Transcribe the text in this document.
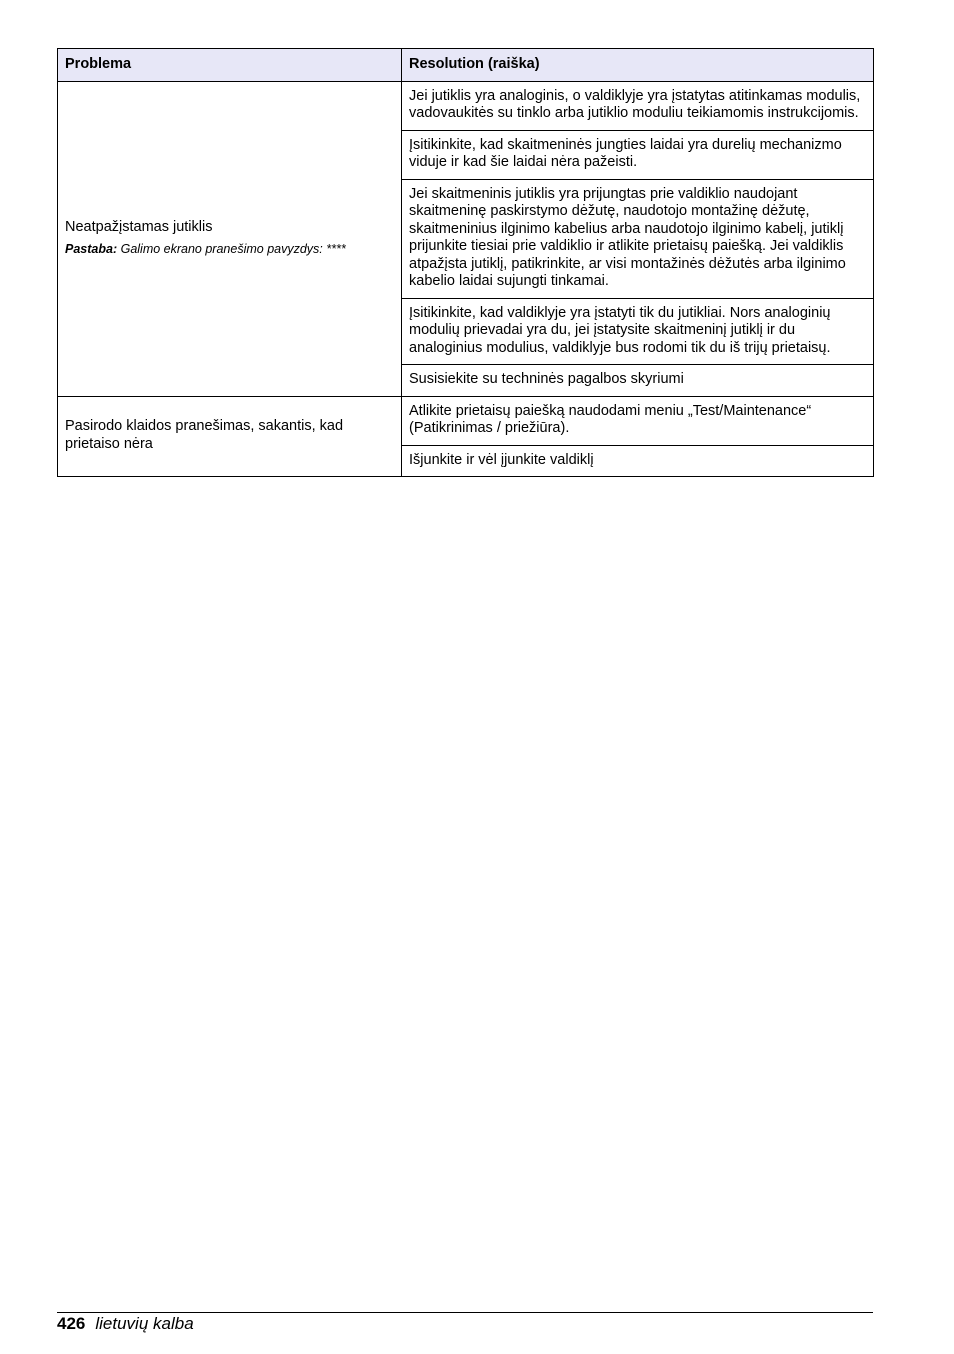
Problema	Resolution (raiška)
Neatpažįstamas jutiklis
Pastaba: Galimo ekrano pranešimo pavyzdys: ****	Jei jutiklis yra analoginis, o valdiklyje yra įstatytas atitinkamas modulis, vadovaukitės su tinklo arba jutiklio moduliu teikiamomis instrukcijomis.
	Įsitikinkite, kad skaitmeninės jungties laidai yra durelių mechanizmo viduje ir kad šie laidai nėra pažeisti.
	Jei skaitmeninis jutiklis yra prijungtas prie valdiklio naudojant skaitmeninę paskirstymo dėžutę, naudotojo montažinę dėžutę, skaitmeninius ilginimo kabelius arba naudotojo ilginimo kabelį, jutiklį prijunkite tiesiai prie valdiklio ir atlikite prietaisų paiešką. Jei valdiklis atpažįsta jutiklį, patikrinkite, ar visi montažinės dėžutės arba ilginimo kabelio laidai sujungti tinkamai.
	Įsitikinkite, kad valdiklyje yra įstatyti tik du jutikliai. Nors analoginių modulių prievadai yra du, jei įstatysite skaitmeninį jutiklį ir du analoginius modulius, valdiklyje bus rodomi tik du iš trijų prietaisų.
	Susisiekite su techninės pagalbos skyriumi
Pasirodo klaidos pranešimas, sakantis, kad prietaiso nėra	Atlikite prietaisų paiešką naudodami meniu „Test/Maintenance“ (Patikrinimas / priežiūra).
	Išjunkite ir vėl įjunkite valdiklį
426 lietuvių kalba
